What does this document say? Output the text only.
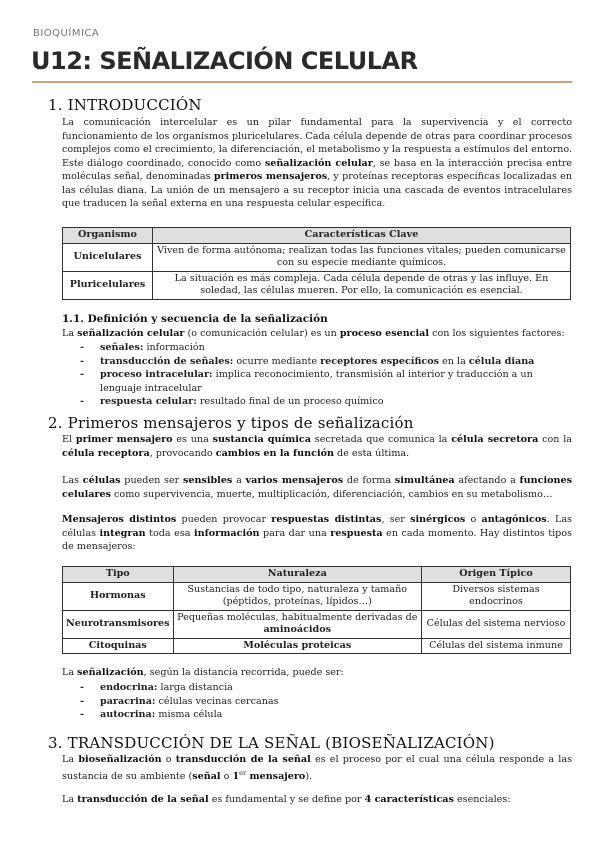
BIOQUÍMICA
U12: SEÑALIZACIÓN CELULAR
1. INTRODUCCIÓN
La comunicación intercelular es un pilar fundamental para la supervivencia y el correcto funcionamiento de los organismos pluricelulares. Cada célula depende de otras para coordinar procesos complejos como el crecimiento, la diferenciación, el metabolismo y la respuesta a estímulos del entorno. Este diálogo coordinado, conocido como señalización celular, se basa en la interacción precisa entre moléculas señal, denominadas primeros mensajeros, y proteínas receptoras específicas localizadas en las células diana. La unión de un mensajero a su receptor inicia una cascada de eventos intracelulares que traducen la señal externa en una respuesta celular específica.
Organismo	Características Clave
Unicelulares	Viven de forma autónoma; realizan todas las funciones vitales; pueden comunicarse con su especie mediante químicos.
Pluricelulares	La situación es más compleja. Cada célula depende de otras y las influye. En soledad, las células mueren. Por ello, la comunicación es esencial.
1.1. Definición y secuencia de la señalización
La señalización celular (o comunicación celular) es un proceso esencial con los siguientes factores:
- señales: información
- transducción de señales: ocurre mediante receptores específicos en la célula diana
- proceso intracelular: implica reconocimiento, transmisión al interior y traducción a un lenguaje intracelular
- respuesta celular: resultado final de un proceso químico
2. Primeros mensajeros y tipos de señalización
El primer mensajero es una sustancia química secretada que comunica la célula secretora con la célula receptora, provocando cambios en la función de esta última.
Las células pueden ser sensibles a varios mensajeros de forma simultánea afectando a funciones celulares como supervivencia, muerte, multiplicación, diferenciación, cambios en su metabolismo…
Mensajeros distintos pueden provocar respuestas distintas, ser sinérgicos o antagónicos. Las células integran toda esa información para dar una respuesta en cada momento. Hay distintos tipos de mensajeros:
Tipo	Naturaleza	Origen Típico
Hormonas	Sustancias de todo tipo, naturaleza y tamaño (péptidos, proteínas, lípidos…)	Diversos sistemas endocrinos
Neurotransmisores	Pequeñas moléculas, habitualmente derivadas de aminoácidos	Células del sistema nervioso
Citoquinas	Moléculas proteicas	Células del sistema inmune
La señalización, según la distancia recorrida, puede ser:
- endocrina: larga distancia
- paracrina: células vecinas cercanas
- autocrina: misma célula
3. TRANSDUCCIÓN DE LA SEÑAL (BIOSEÑALIZACIÓN)
La bioseñalización o transducción de la señal es el proceso por el cual una célula responde a las sustancia de su ambiente (señal o 1er mensajero).
La transducción de la señal es fundamental y se define por 4 características esenciales:
